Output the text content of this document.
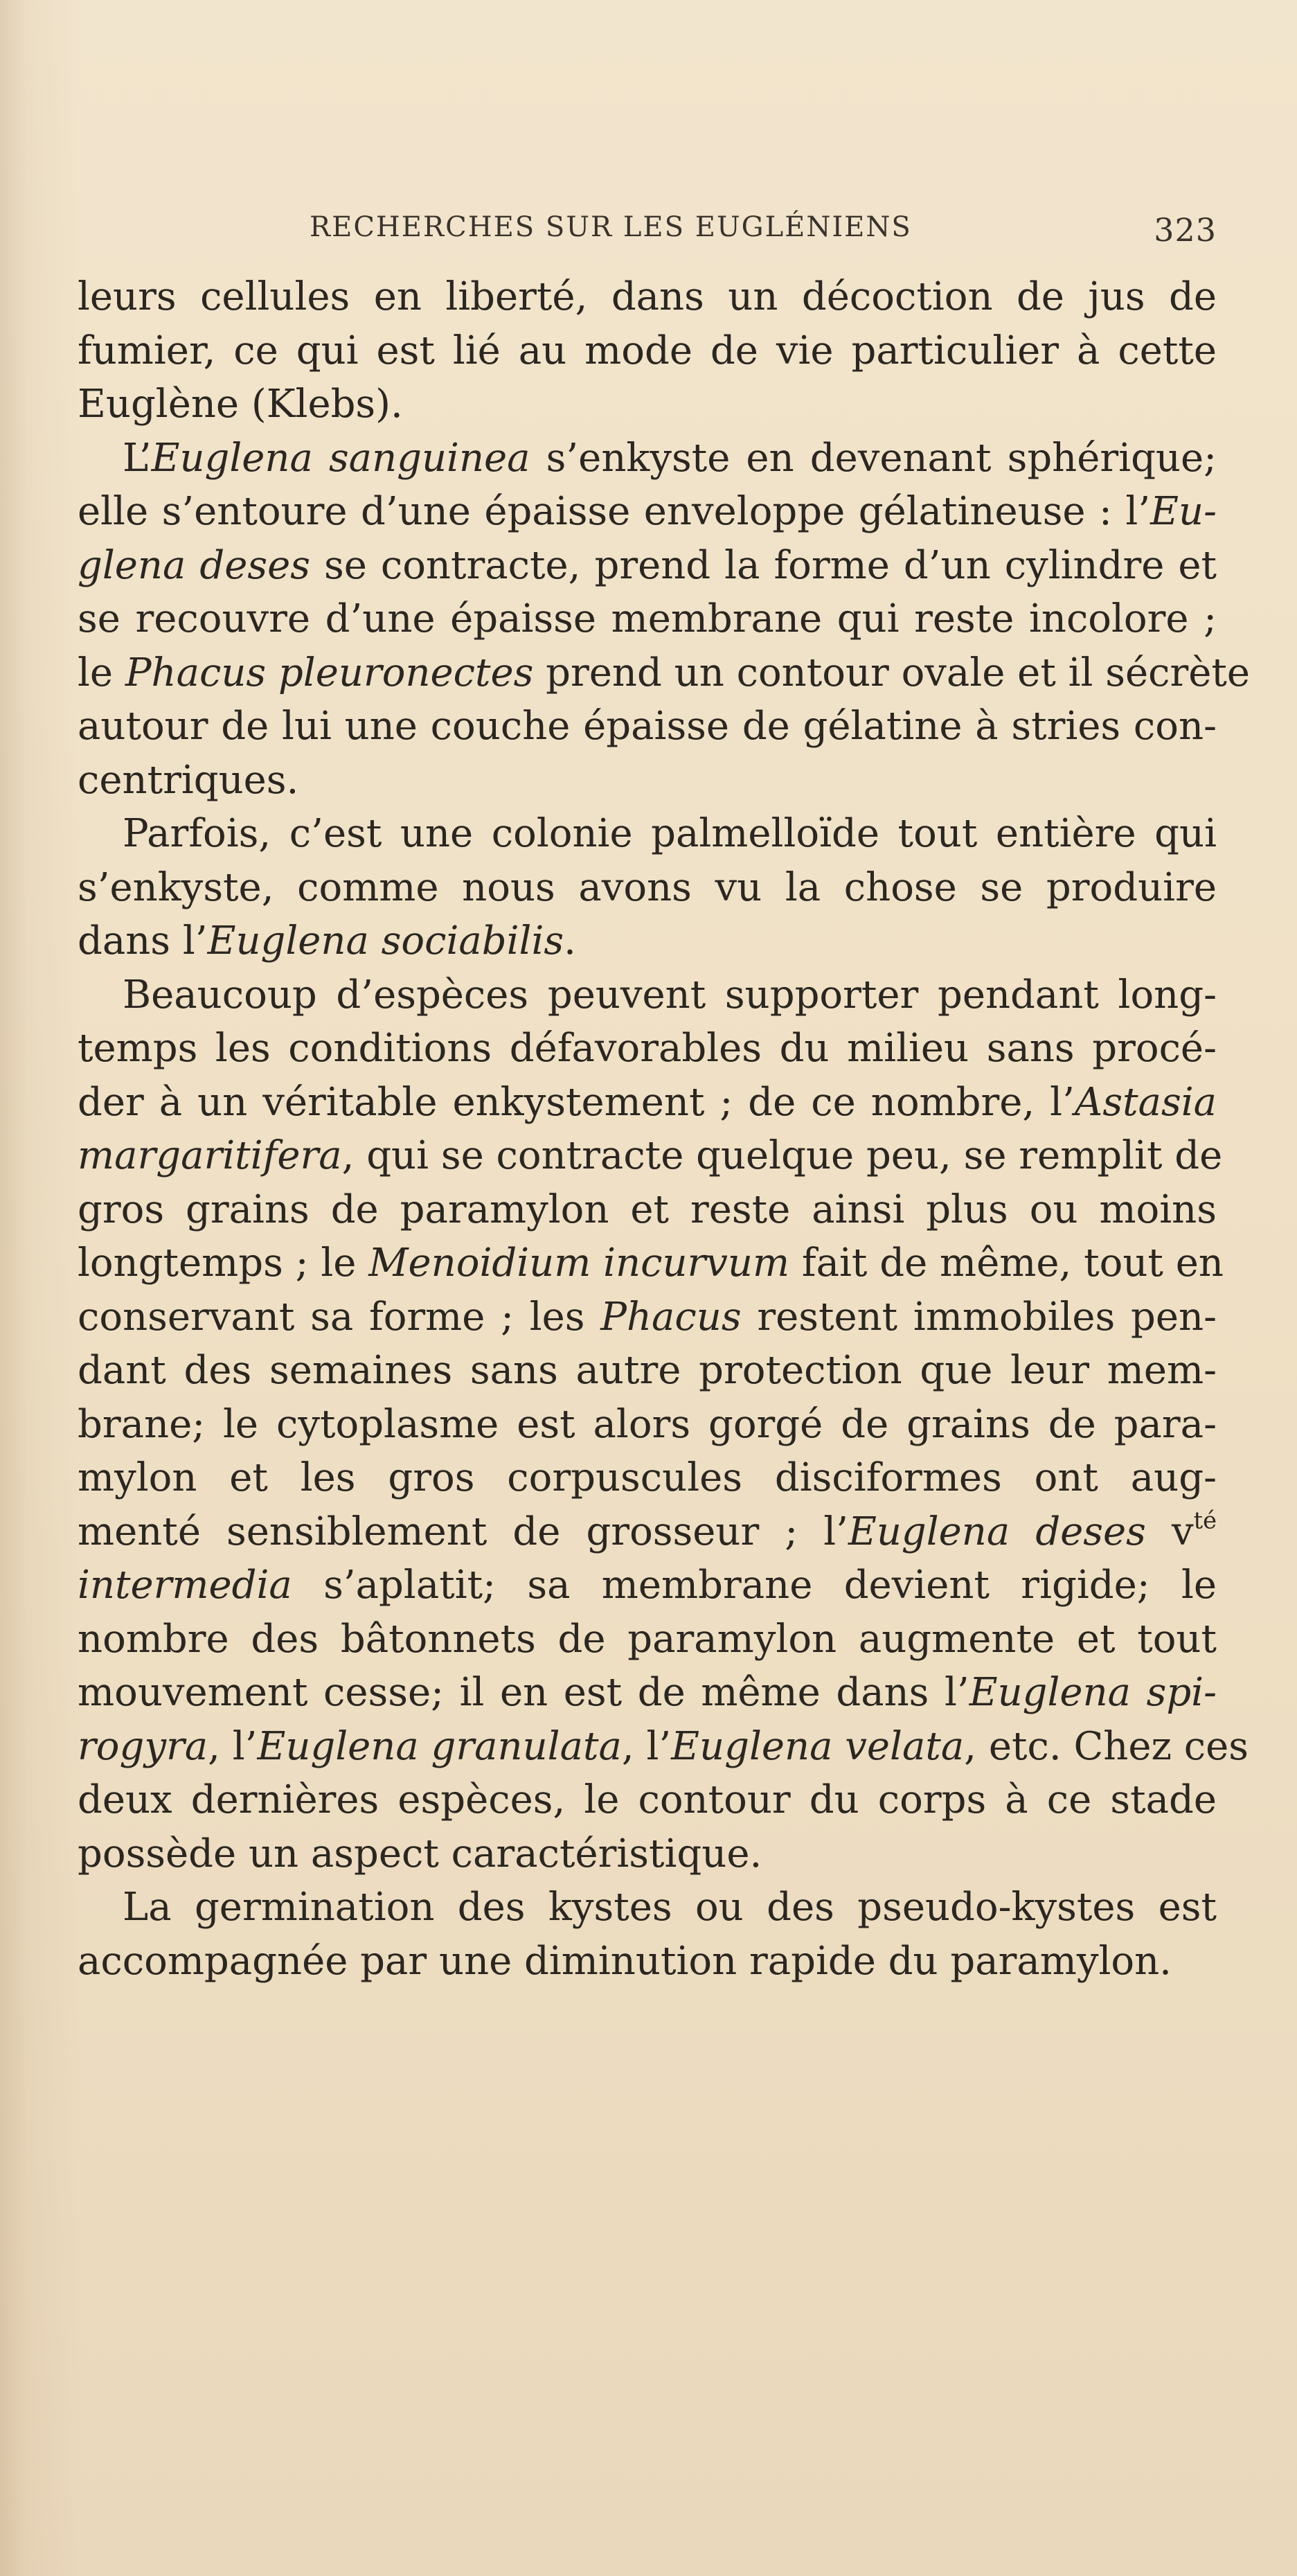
RECHERCHES SUR LES EUGLÉNIENS	323
leurs cellules en liberté, dans un décoction de jus de
fumier, ce qui est lié au mode de vie particulier à cette
Euglène (Klebs).
L’Euglena sanguinea s’enkyste en devenant sphérique;
elle s’entoure d’une épaisse enveloppe gélatineuse : l’Eu-
glena deses se contracte, prend la forme d’un cylindre et
se recouvre d’une épaisse membrane qui reste incolore ;
le Phacus pleuronectes prend un contour ovale et il sécrète
autour de lui une couche épaisse de gélatine à stries con-
centriques.
Parfois, c’est une colonie palmelloïde tout entière qui
s’enkyste, comme nous avons vu la chose se produire
dans l’Euglena sociabilis.
Beaucoup d’espèces peuvent supporter pendant long-
temps les conditions défavorables du milieu sans procé-
der à un véritable enkystement ; de ce nombre, l’Astasia
margaritifera, qui se contracte quelque peu, se remplit de
gros grains de paramylon et reste ainsi plus ou moins
longtemps ; le Menoidium incurvum fait de même, tout en
conservant sa forme ; les Phacus restent immobiles pen-
dant des semaines sans autre protection que leur mem-
brane; le cytoplasme est alors gorgé de grains de para-
mylon et les gros corpuscules disciformes ont aug-
menté sensiblement de grosseur ; l’Euglena deses $v^{té}$
intermedia s’aplatit; sa membrane devient rigide; le
nombre des bâtonnets de paramylon augmente et tout
mouvement cesse; il en est de même dans l’Euglena spi-
rogyra, l’Euglena granulata, l’Euglena velata, etc. Chez ces
deux dernières espèces, le contour du corps à ce stade
possède un aspect caractéristique.
La germination des kystes ou des pseudo-kystes est
accompagnée par une diminution rapide du paramylon.
